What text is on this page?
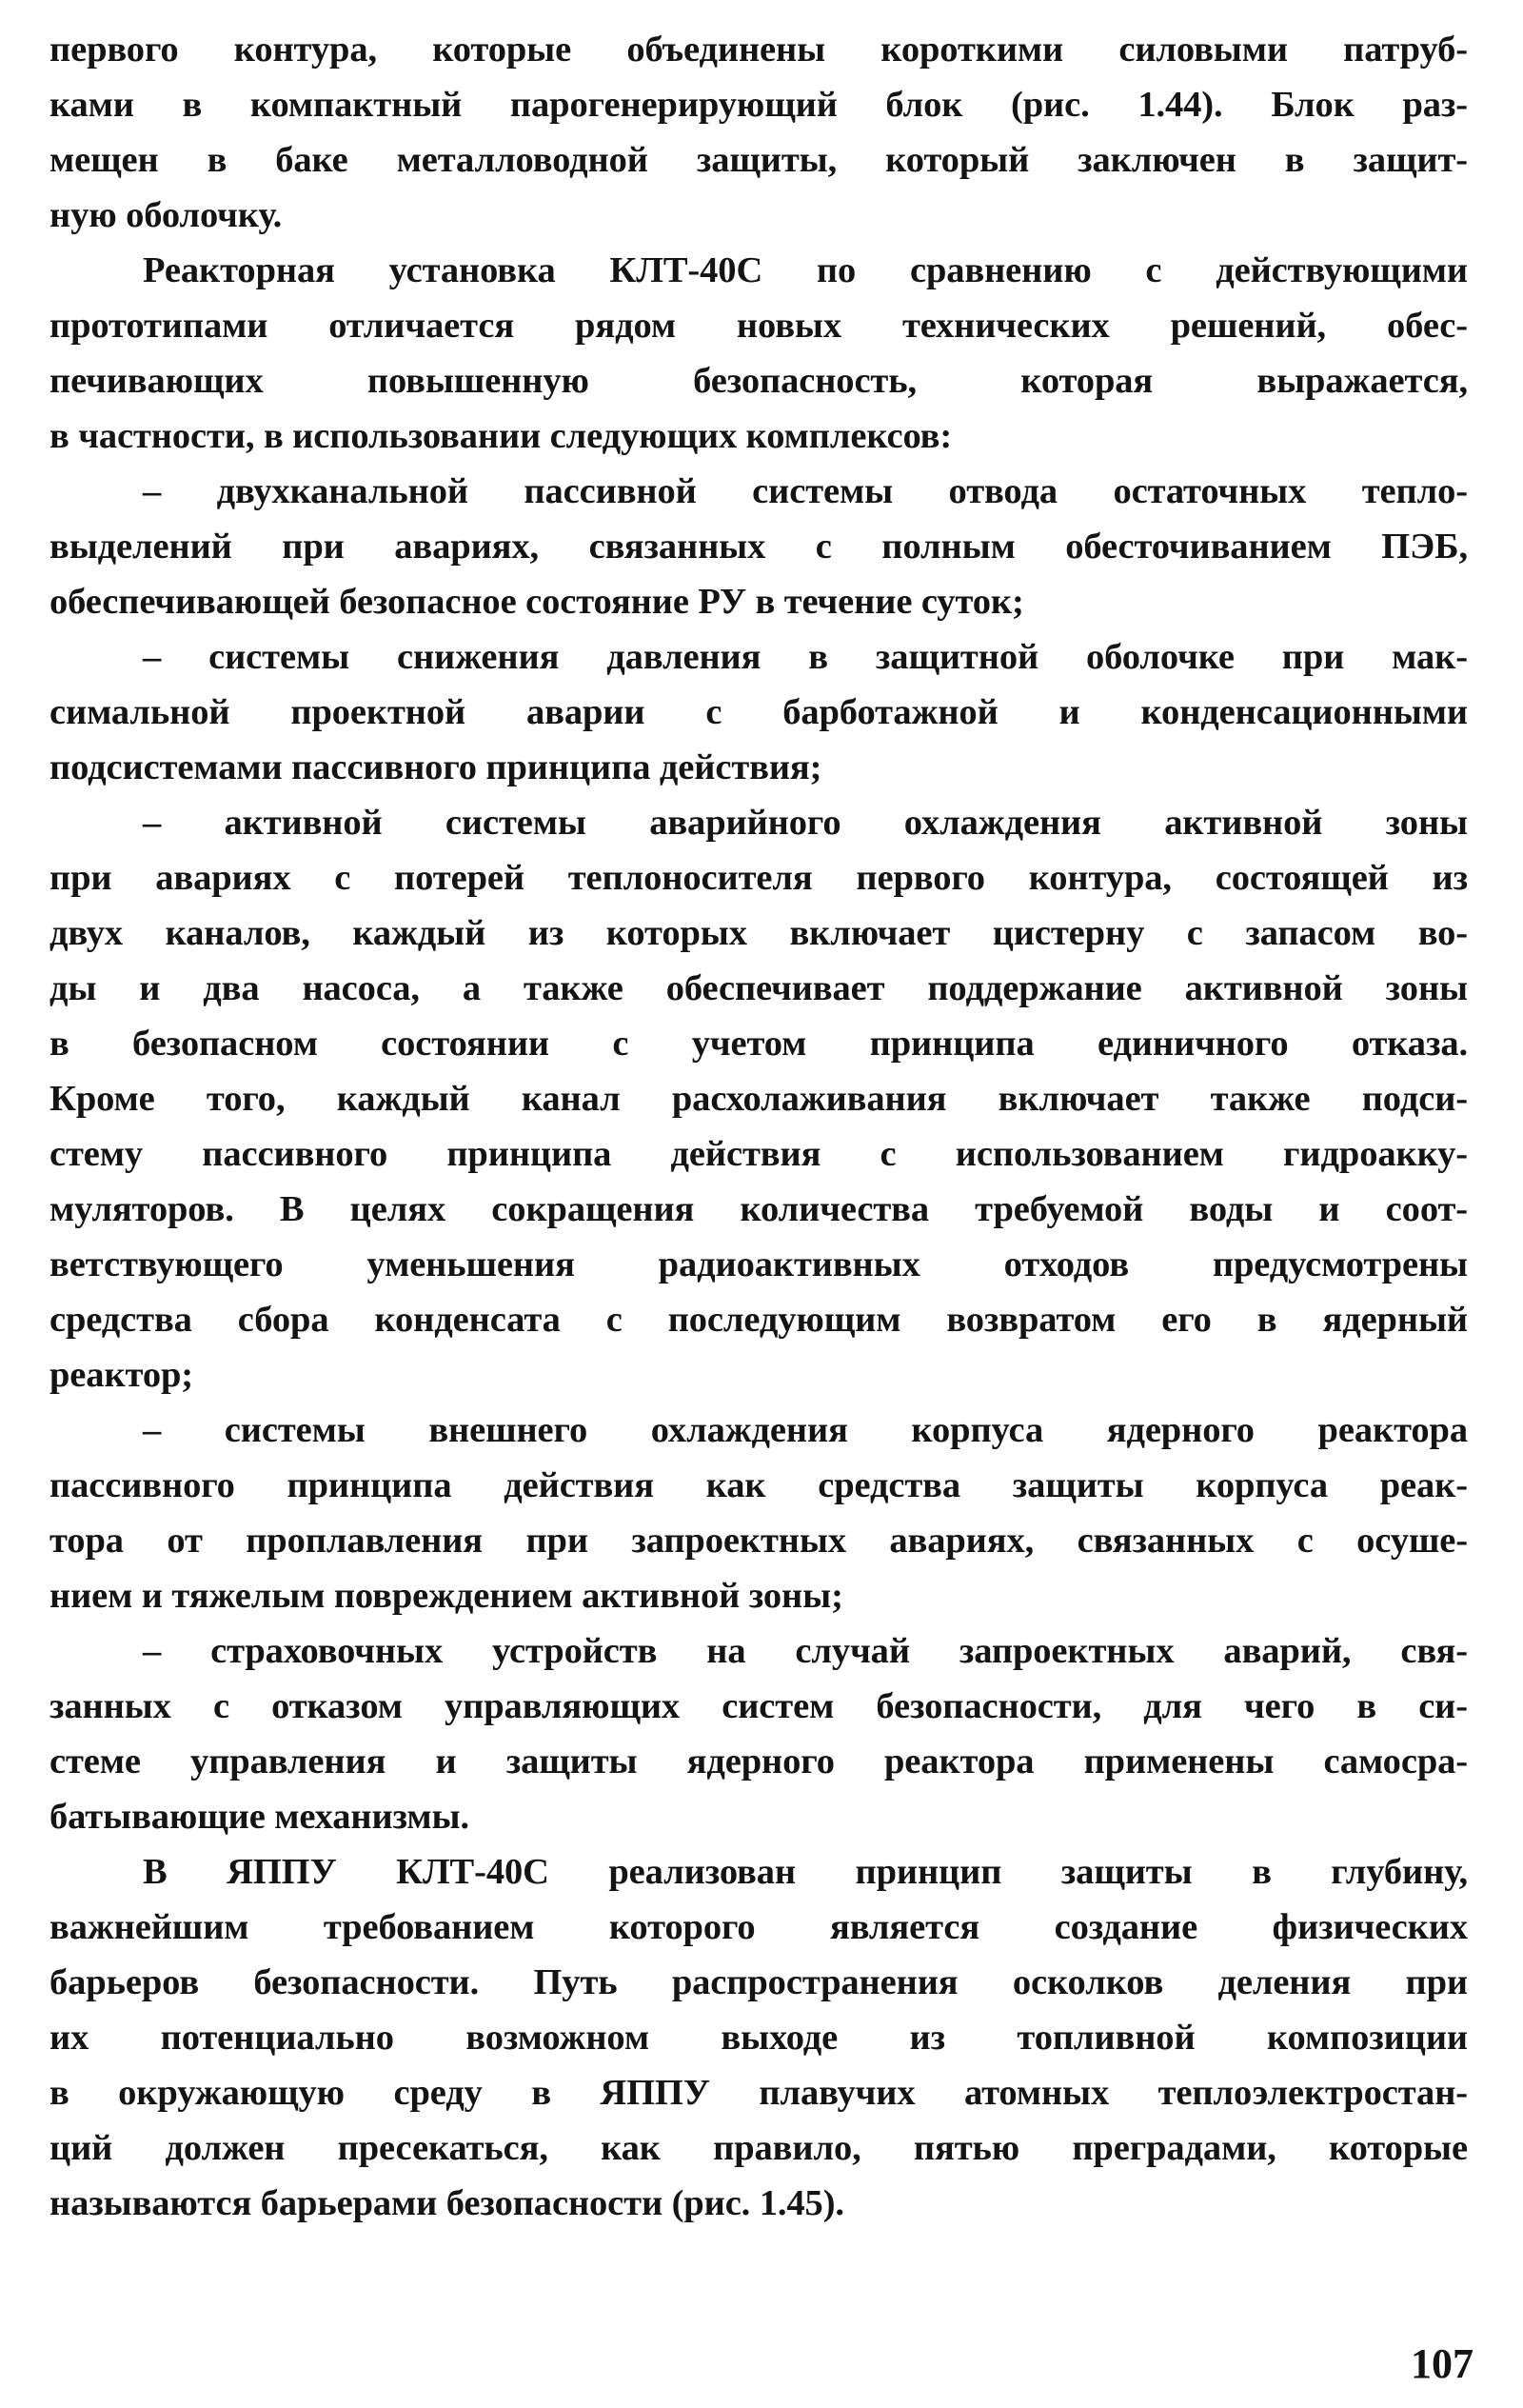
первого контура, которые объединены короткими силовыми патруб-
ками в компактный парогенерирующий блок (рис. 1.44). Блок раз-
мещен в баке металловодной защиты, который заключен в защит-
ную оболочку.
Реакторная установка КЛТ-40С по сравнению с действующими
прототипами отличается рядом новых технических решений, обес-
печивающих повышенную безопасность, которая выражается,
в частности, в использовании следующих комплексов:
– двухканальной пассивной системы отвода остаточных тепло-
выделений при авариях, связанных с полным обесточиванием ПЭБ,
обеспечивающей безопасное состояние РУ в течение суток;
– системы снижения давления в защитной оболочке при мак-
симальной проектной аварии с барботажной и конденсационными
подсистемами пассивного принципа действия;
– активной системы аварийного охлаждения активной зоны
при авариях с потерей теплоносителя первого контура, состоящей из
двух каналов, каждый из которых включает цистерну с запасом во-
ды и два насоса, а также обеспечивает поддержание активной зоны
в безопасном состоянии с учетом принципа единичного отказа.
Кроме того, каждый канал расхолаживания включает также подси-
стему пассивного принципа действия с использованием гидроакку-
муляторов. В целях сокращения количества требуемой воды и соот-
ветствующего уменьшения радиоактивных отходов предусмотрены
средства сбора конденсата с последующим возвратом его в ядерный
реактор;
– системы внешнего охлаждения корпуса ядерного реактора
пассивного принципа действия как средства защиты корпуса реак-
тора от проплавления при запроектных авариях, связанных с осуше-
нием и тяжелым повреждением активной зоны;
– страховочных устройств на случай запроектных аварий, свя-
занных с отказом управляющих систем безопасности, для чего в си-
стеме управления и защиты ядерного реактора применены самосра-
батывающие механизмы.
В ЯППУ КЛТ-40С реализован принцип защиты в глубину,
важнейшим требованием которого является создание физических
барьеров безопасности. Путь распространения осколков деления при
их потенциально возможном выходе из топливной композиции
в окружающую среду в ЯППУ плавучих атомных теплоэлектростан-
ций должен пресекаться, как правило, пятью преградами, которые
называются барьерами безопасности (рис. 1.45).
107
